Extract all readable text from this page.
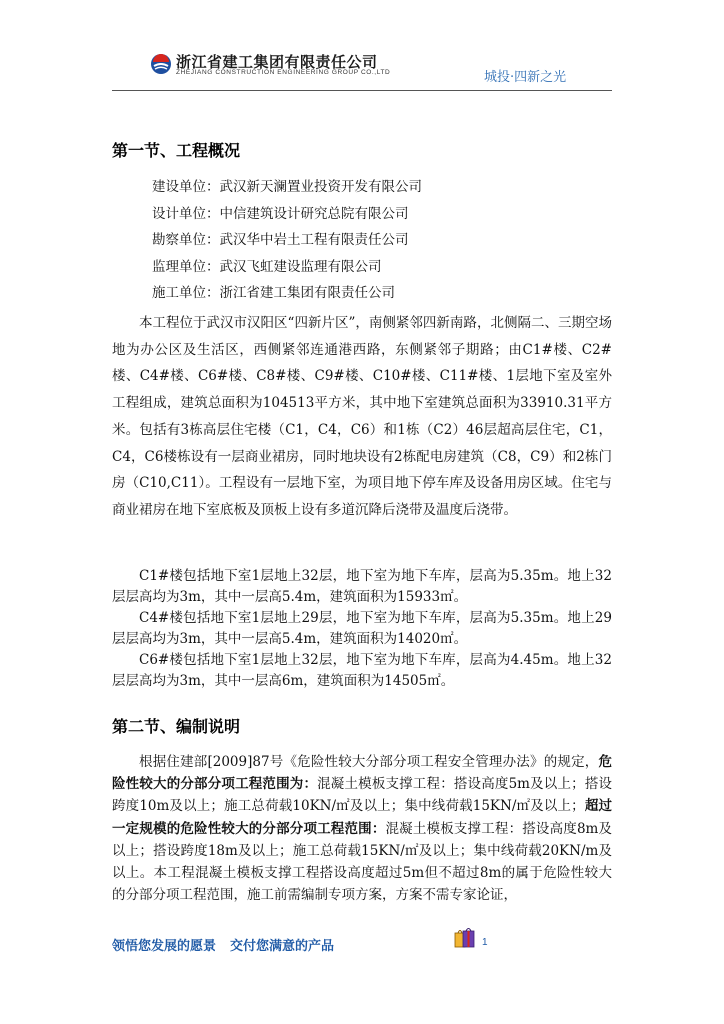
浙江省建工集团有限责任公司
ZHEJIANG CONSTRUCTION ENGINEERING GROUP CO.,LTD	城投·四新之光
第一节、工程概况
建设单位：武汉新天澜置业投资开发有限公司
设计单位：中信建筑设计研究总院有限公司
勘察单位：武汉华中岩土工程有限责任公司
监理单位：武汉飞虹建设监理有限公司
施工单位：浙江省建工集团有限责任公司

本工程位于武汉市汉阳区“四新片区”，南侧紧邻四新南路，北侧隔二、三期空场地为办公区及生活区，西侧紧邻连通港西路，东侧紧邻子期路；由C1#楼、C2#楼、C4#楼、C6#楼、C8#楼、C9#楼、C10#楼、C11#楼、1层地下室及室外工程组成，建筑总面积为104513平方米，其中地下室建筑总面积为33910.31平方米。包括有3栋高层住宅楼（C1，C4，C6）和1栋（C2）46层超高层住宅，C1，C4，C6楼栋设有一层商业裙房，同时地块设有2栋配电房建筑（C8，C9）和2栋门房（C10,C11）。工程设有一层地下室，为项目地下停车库及设备用房区域。住宅与商业裙房在地下室底板及顶板上设有多道沉降后浇带及温度后浇带。

C1#楼包括地下室1层地上32层，地下室为地下车库，层高为5.35m。地上32层层高均为3m，其中一层高5.4m，建筑面积为15933㎡。

C4#楼包括地下室1层地上29层，地下室为地下车库，层高为5.35m。地上29层层高均为3m，其中一层高5.4m，建筑面积为14020㎡。

C6#楼包括地下室1层地上32层，地下室为地下车库，层高为4.45m。地上32层层高均为3m，其中一层高6m，建筑面积为14505㎡。

第二节、编制说明

根据住建部[2009]87号《危险性较大分部分项工程安全管理办法》的规定，危险性较大的分部分项工程范围为：混凝土模板支撑工程：搭设高度5m及以上；搭设跨度10m及以上；施工总荷载10KN/㎡及以上；集中线荷载15KN/㎡及以上；超过一定规模的危险性较大的分部分项工程范围：混凝土模板支撑工程：搭设高度8m及以上；搭设跨度18m及以上；施工总荷载15KN/㎡及以上；集中线荷载20KN/m及以上。本工程混凝土模板支撑工程搭设高度超过5m但不超过8m的属于危险性较大的分部分项工程范围，施工前需编制专项方案，方案不需专家论证，

领悟您发展的愿景 交付您满意的产品	1
